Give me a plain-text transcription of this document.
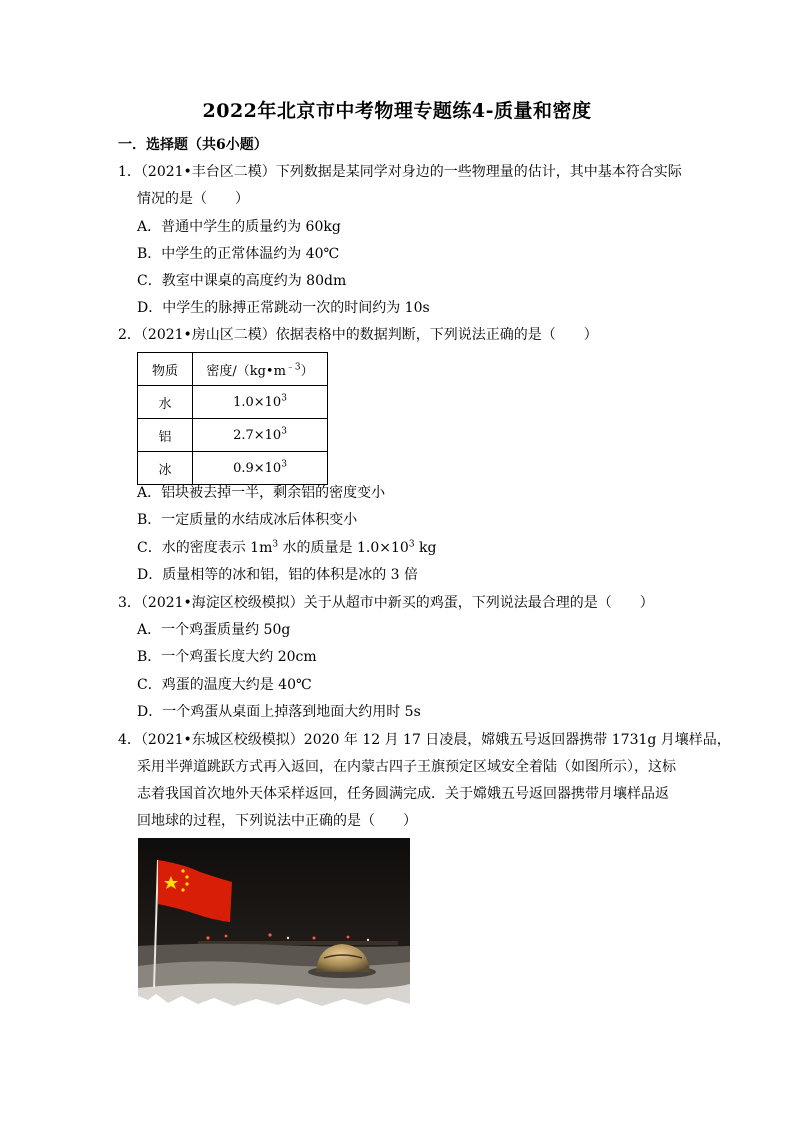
2022年北京市中考物理专题练4-质量和密度
一．选择题（共6小题）
1．（2021•丰台区二模）下列数据是某同学对身边的一些物理量的估计，其中基本符合实际
情况的是（　　）
A．普通中学生的质量约为 60kg
B．中学生的正常体温约为 40℃
C．教室中课桌的高度约为 80dm
D．中学生的脉搏正常跳动一次的时间约为 10s
2．（2021•房山区二模）依据表格中的数据判断，下列说法正确的是（　　）
物质	密度$/(kg•m^{﹣3})$
水	$1.0\times 10^3$
铝	$2.7\times 10^3$
冰	$0.9\times 10^3$
A．铝块被去掉一半，剩余铝的密度变小
B．一定质量的水结成冰后体积变小
C．水的密度表示 $1m^3$ 水的质量是 $1.0\times 10^3$ kg
D．质量相等的冰和铝，铝的体积是冰的 3 倍
3．（2021•海淀区校级模拟）关于从超市中新买的鸡蛋，下列说法最合理的是（　　）
A．一个鸡蛋质量约 50g
B．一个鸡蛋长度大约 20cm
C．鸡蛋的温度大约是 40℃
D．一个鸡蛋从桌面上掉落到地面大约用时 5s
4．（2021•东城区校级模拟）2020 年 12 月 17 日凌晨，嫦娥五号返回器携带 1731g 月壤样品，
采用半弹道跳跃方式再入返回，在内蒙古四子王旗预定区域安全着陆（如图所示），这标
志着我国首次地外天体采样返回，任务圆满完成．关于嫦娥五号返回器携带月壤样品返
回地球的过程，下列说法中正确的是（　　）
